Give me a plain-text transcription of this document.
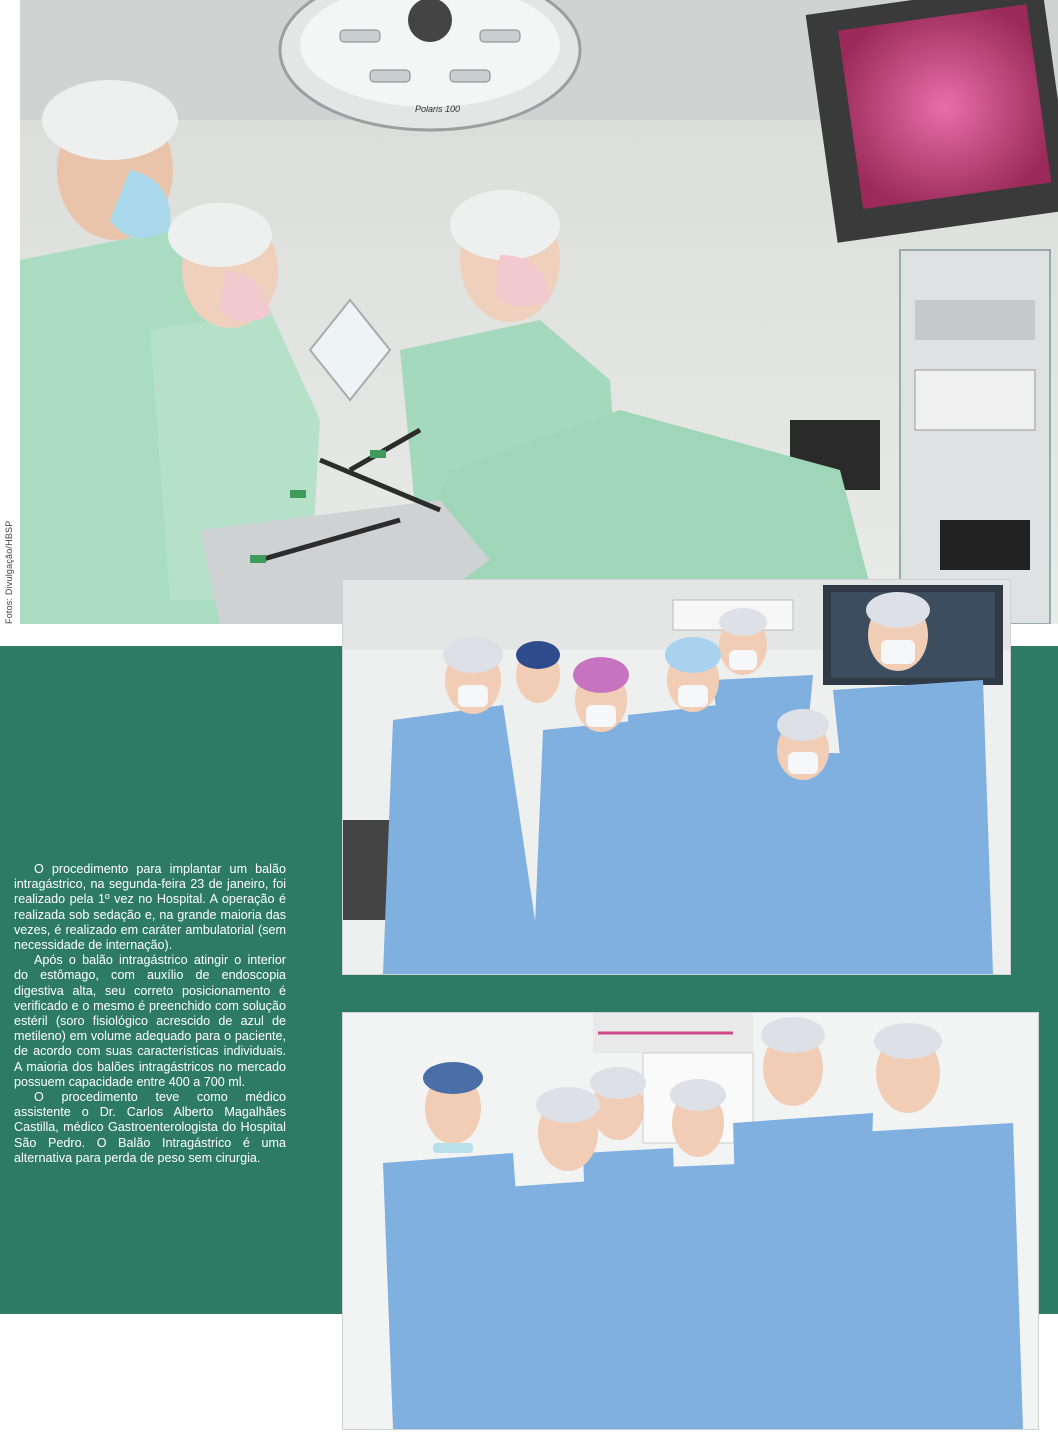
Polaris 100
Fotos: Divulgação/HBSP

O procedimento para implantar um balão intragástrico, na segunda-feira 23 de janeiro, foi realizado pela 1º vez no Hospital. A operação é realizada sob sedação e, na grande maioria das vezes, é realizado em caráter ambulatorial (sem necessidade de internação).

Após o balão intragástrico atingir o interior do estômago, com auxílio de endoscopia digestiva alta, seu correto posicionamento é verificado e o mesmo é preenchido com solução estéril (soro fisiológico acrescido de azul de metileno) em volume adequado para o paciente, de acordo com suas características individuais. A maioria dos balões intragástricos no mercado possuem capacidade entre 400 a 700 ml.

O procedimento teve como médico assistente o Dr. Carlos Alberto Magalhães Castilla, médico Gastroenterologista do Hospital São Pedro. O Balão Intragástrico é uma alternativa para perda de peso sem cirurgia.
